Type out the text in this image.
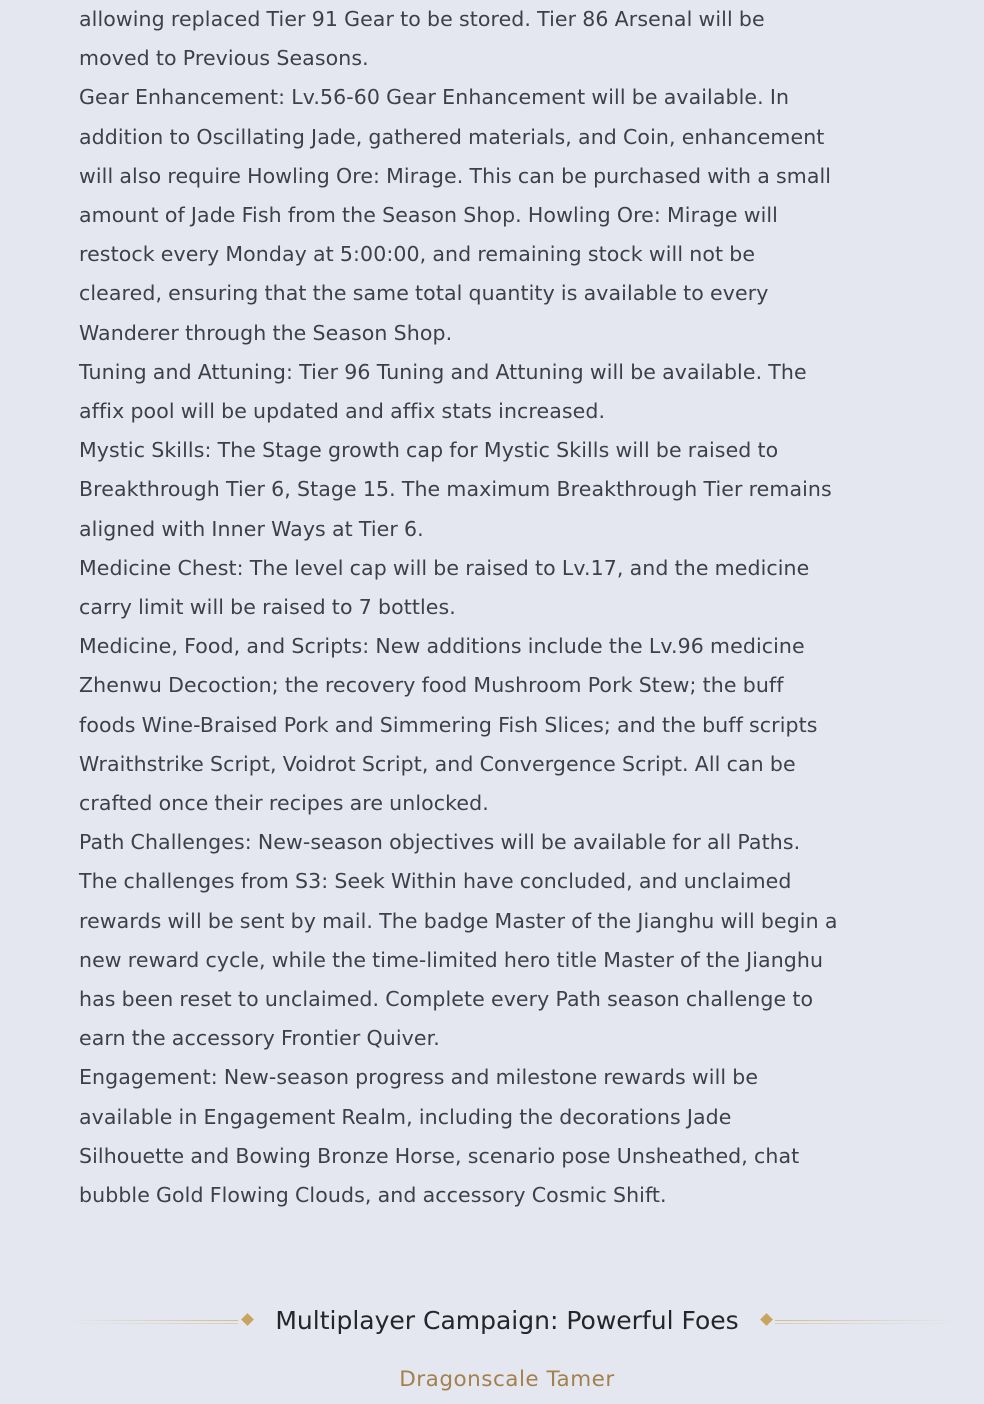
allowing replaced Tier 91 Gear to be stored. Tier 86 Arsenal will be moved to Previous Seasons.

Gear Enhancement: Lv.56-60 Gear Enhancement will be available. In addition to Oscillating Jade, gathered materials, and Coin, enhancement will also require Howling Ore: Mirage. This can be purchased with a small amount of Jade Fish from the Season Shop. Howling Ore: Mirage will restock every Monday at 5:00:00, and remaining stock will not be cleared, ensuring that the same total quantity is available to every Wanderer through the Season Shop.

Tuning and Attuning: Tier 96 Tuning and Attuning will be available. The affix pool will be updated and affix stats increased.

Mystic Skills: The Stage growth cap for Mystic Skills will be raised to Breakthrough Tier 6, Stage 15. The maximum Breakthrough Tier remains aligned with Inner Ways at Tier 6.

Medicine Chest: The level cap will be raised to Lv.17, and the medicine carry limit will be raised to 7 bottles.

Medicine, Food, and Scripts: New additions include the Lv.96 medicine Zhenwu Decoction; the recovery food Mushroom Pork Stew; the buff foods Wine-Braised Pork and Simmering Fish Slices; and the buff scripts Wraithstrike Script, Voidrot Script, and Convergence Script. All can be crafted once their recipes are unlocked.

Path Challenges: New-season objectives will be available for all Paths. The challenges from S3: Seek Within have concluded, and unclaimed rewards will be sent by mail. The badge Master of the Jianghu will begin a new reward cycle, while the time-limited hero title Master of the Jianghu has been reset to unclaimed. Complete every Path season challenge to earn the accessory Frontier Quiver.

Engagement: New-season progress and milestone rewards will be available in Engagement Realm, including the decorations Jade Silhouette and Bowing Bronze Horse, scenario pose Unsheathed, chat bubble Gold Flowing Clouds, and accessory Cosmic Shift.

Multiplayer Campaign: Powerful Foes
Dragonscale Tamer
